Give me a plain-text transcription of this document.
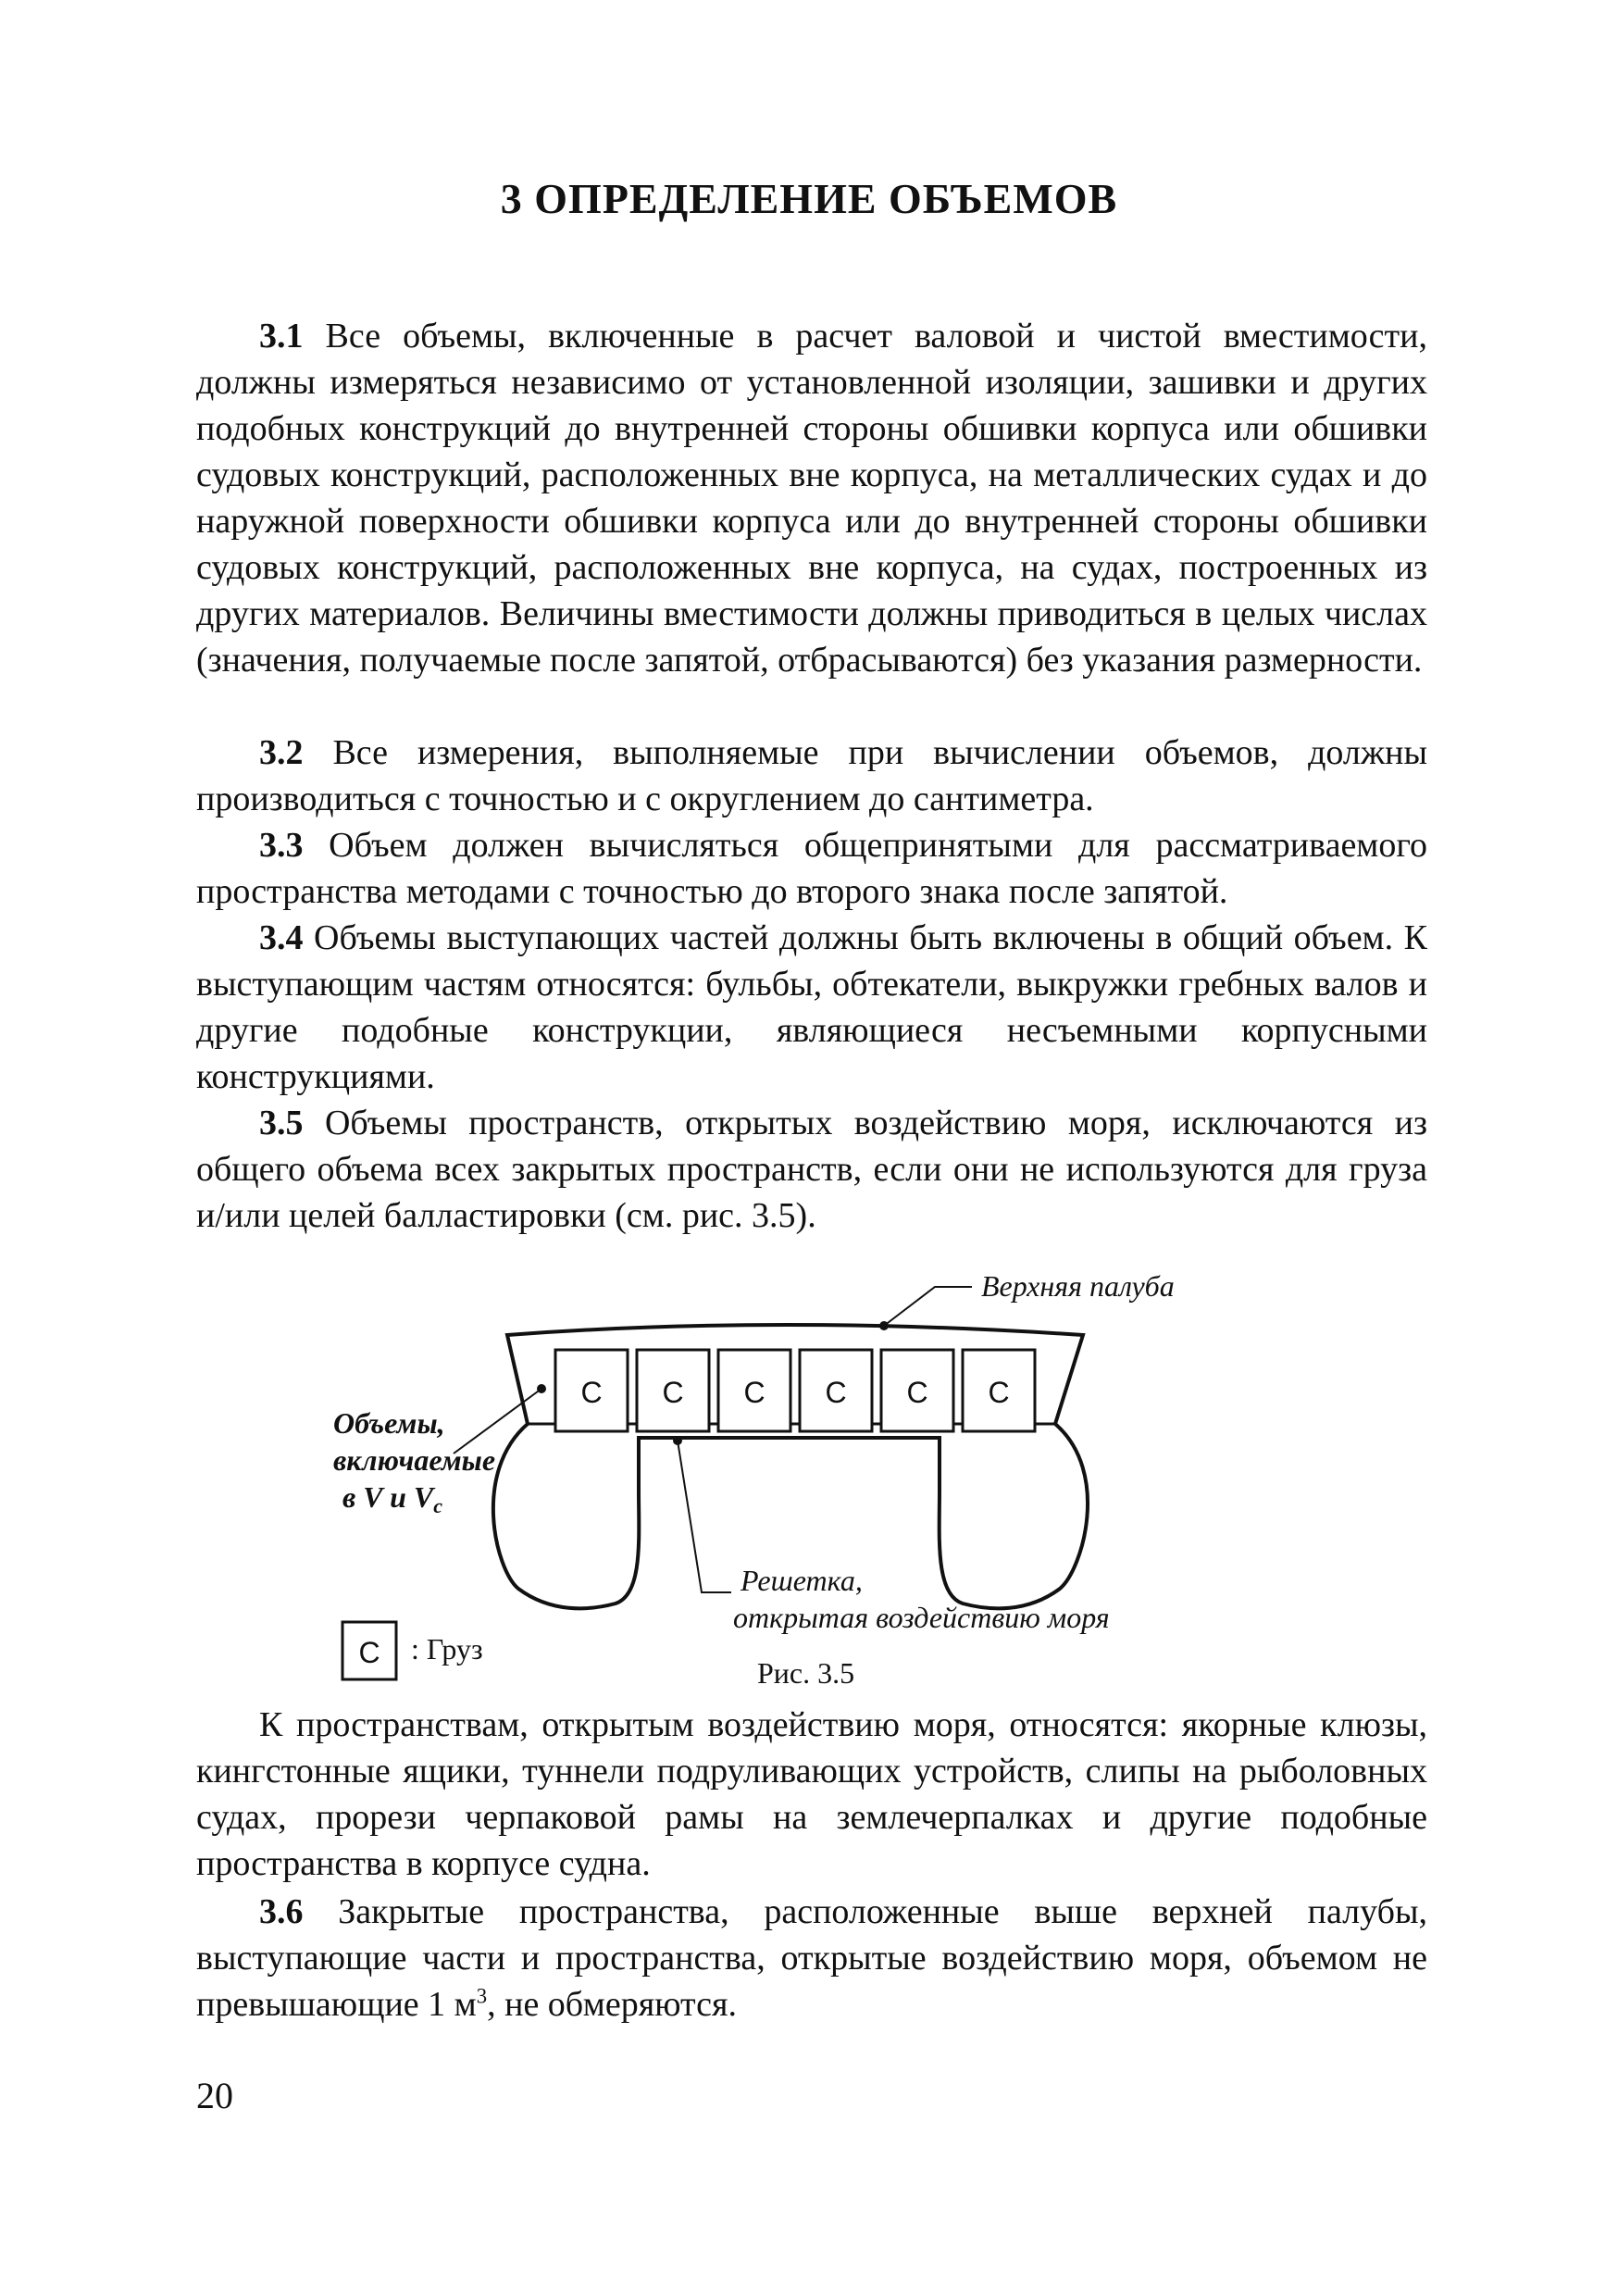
3 ОПРЕДЕЛЕНИЕ ОБЪЕМОВ

3.1 Все объемы, включенные в расчет валовой и чистой вместимости, должны измеряться независимо от установленной изоляции, зашивки и других подобных конструкций до внутренней стороны обшивки корпуса или обшивки судовых конструкций, расположенных вне корпуса, на металлических судах и до наружной поверхности обшивки корпуса или до внутренней стороны обшивки судовых конструкций, расположенных вне корпуса, на судах, построенных из других материалов. Величины вместимости должны приводиться в целых числах (значения, получаемые после запятой, отбрасываются) без указания размерности.

3.2 Все измерения, выполняемые при вычислении объемов, должны производиться с точностью и с округлением до сантиметра.

3.3 Объем должен вычисляться общепринятыми для рассматриваемого пространства методами с точностью до второго знака после запятой.

3.4 Объемы выступающих частей должны быть включены в общий объем. К выступающим частям относятся: бульбы, обтекатели, выкружки гребных валов и другие подобные конструкции, являющиеся несъемными корпусными конструкциями.

3.5 Объемы пространств, открытых воздействию моря, исключаются из общего объема всех закрытых пространств, если они не используются для груза и/или целей балластировки (см. рис. 3.5).

C C C C C C
Верхняя палуба
Объемы,
включаемые
в V и Vc
Решетка,
открытая воздействию моря
C : Груз
Рис. 3.5

К пространствам, открытым воздействию моря, относятся: якорные клюзы, кингстонные ящики, туннели подруливающих устройств, слипы на рыболовных судах, прорези черпаковой рамы на землечерпалках и другие подобные пространства в корпусе судна.

3.6 Закрытые пространства, расположенные выше верхней палубы, выступающие части и пространства, открытые воздействию моря, объемом не превышающие 1 $м^3$, не обмеряются.

20
